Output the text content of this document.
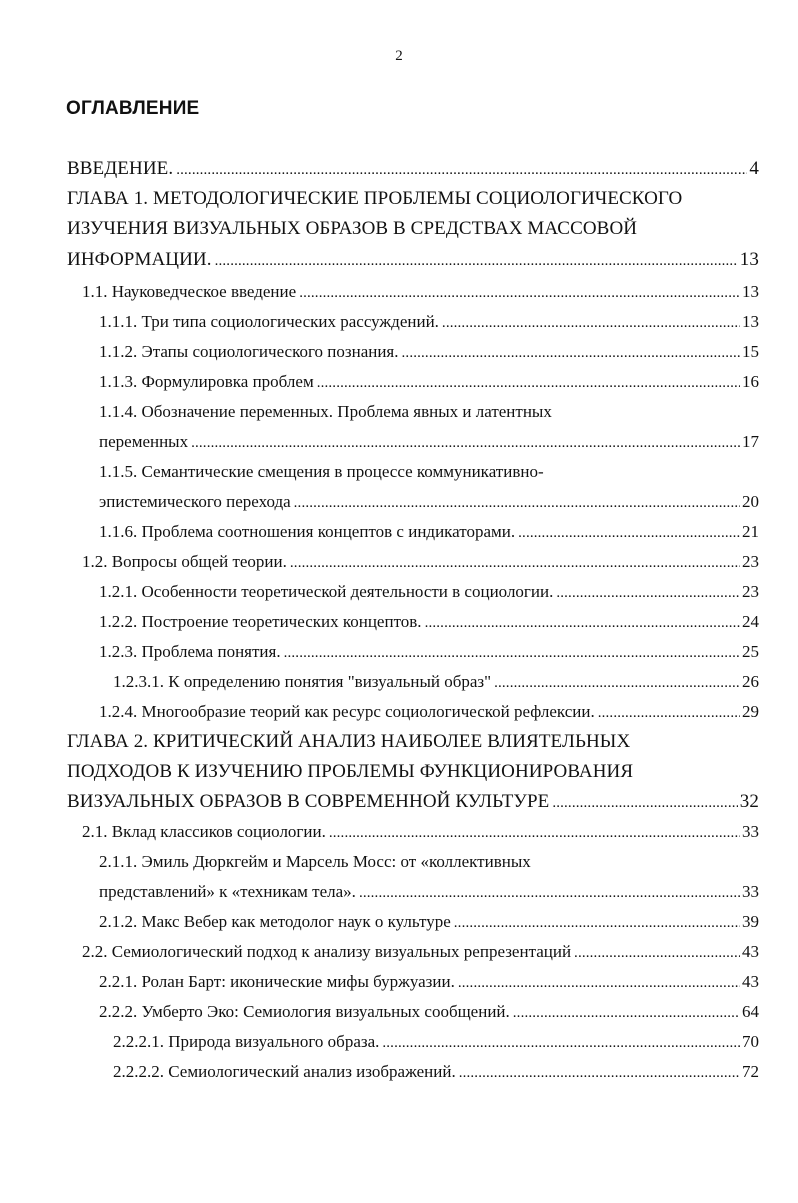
2
ОГЛАВЛЕНИЕ
ВВЕДЕНИЕ. . . .	4
ГЛАВА 1. МЕТОДОЛОГИЧЕСКИЕ ПРОБЛЕМЫ СОЦИОЛОГИЧЕСКОГО
ИЗУЧЕНИЯ ВИЗУАЛЬНЫХ ОБРАЗОВ В СРЕДСТВАХ МАССОВОЙ
ИНФОРМАЦИИ. . . .	13
1.1. Науковедческое введение . . .	13
1.1.1. Три типа социологических рассуждений. . . .	13
1.1.2. Этапы социологического познания. . . .	15
1.1.3. Формулировка проблем . . .	16
1.1.4. Обозначение переменных. Проблема явных и латентных
переменных . . .	17
1.1.5. Семантические смещения в процессе коммуникативно-
эпистемического перехода . . .	20
1.1.6. Проблема соотношения концептов с индикаторами. . . .	21
1.2. Вопросы общей теории. . . .	23
1.2.1. Особенности теоретической деятельности в социологии. . . .	23
1.2.2. Построение теоретических концептов. . . .	24
1.2.3. Проблема понятия. . . .	25
1.2.3.1. К определению понятия "визуальный образ" . . .	26
1.2.4. Многообразие теорий как ресурс социологической рефлексии. . . .	29
ГЛАВА 2. КРИТИЧЕСКИЙ АНАЛИЗ НАИБОЛЕЕ ВЛИЯТЕЛЬНЫХ
ПОДХОДОВ К ИЗУЧЕНИЮ ПРОБЛЕМЫ ФУНКЦИОНИРОВАНИЯ
ВИЗУАЛЬНЫХ ОБРАЗОВ В СОВРЕМЕННОЙ КУЛЬТУРЕ . . .	32
2.1. Вклад классиков социологии. . . .	33
2.1.1. Эмиль Дюркгейм и Марсель Мосс: от «коллективных
представлений» к «техникам тела». . . .	33
2.1.2. Макс Вебер как методолог наук о культуре . . .	39
2.2. Семиологический подход к анализу визуальных репрезентаций . . .	43
2.2.1. Ролан Барт: иконические мифы буржуазии. . . .	43
2.2.2. Умберто Эко: Семиология визуальных сообщений. . . .	64
2.2.2.1. Природа визуального образа. . . .	70
2.2.2.2. Семиологический анализ изображений. . . .	72
